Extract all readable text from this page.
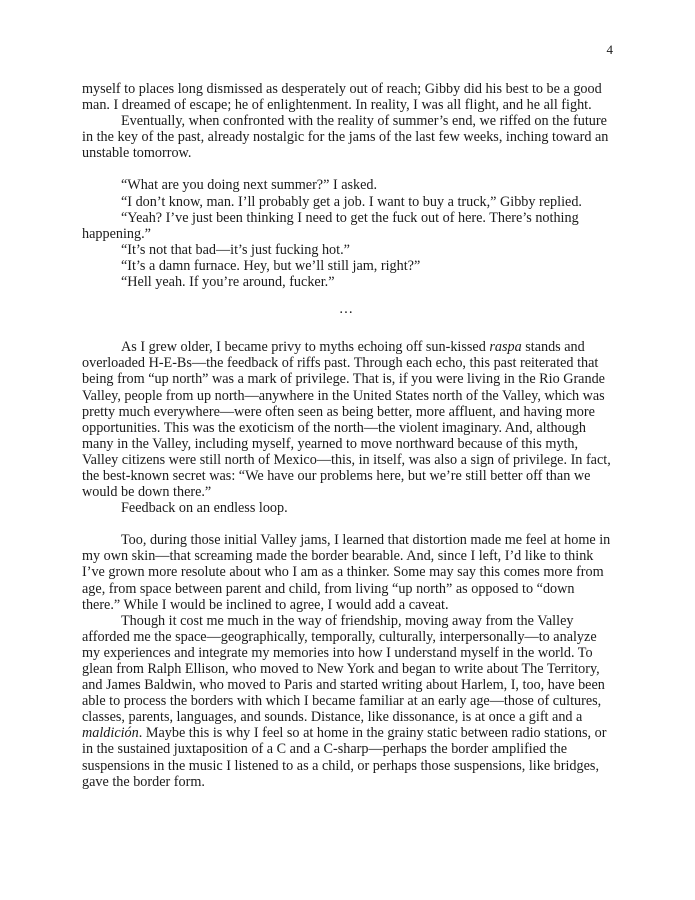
4

myself to places long dismissed as desperately out of reach; Gibby did his best to be a good man. I dreamed of escape; he of enlightenment. In reality, I was all flight, and he all fight.

Eventually, when confronted with the reality of summer’s end, we riffed on the future in the key of the past, already nostalgic for the jams of the last few weeks, inching toward an unstable tomorrow.

“What are you doing next summer?” I asked.

“I don’t know, man. I’ll probably get a job. I want to buy a truck,” Gibby replied.

“Yeah? I’ve just been thinking I need to get the fuck out of here. There’s nothing happening.”

“It’s not that bad—it’s just fucking hot.”

“It’s a damn furnace. Hey, but we’ll still jam, right?”

“Hell yeah. If you’re around, fucker.”

…

As I grew older, I became privy to myths echoing off sun-kissed raspa stands and overloaded H-E-Bs—the feedback of riffs past. Through each echo, this past reiterated that being from “up north” was a mark of privilege. That is, if you were living in the Rio Grande Valley, people from up north—anywhere in the United States north of the Valley, which was pretty much everywhere—were often seen as being better, more affluent, and having more opportunities. This was the exoticism of the north—the violent imaginary. And, although many in the Valley, including myself, yearned to move northward because of this myth, Valley citizens were still north of Mexico—this, in itself, was also a sign of privilege. In fact, the best-known secret was: “We have our problems here, but we’re still better off than we would be down there.”

Feedback on an endless loop.

Too, during those initial Valley jams, I learned that distortion made me feel at home in my own skin—that screaming made the border bearable. And, since I left, I’d like to think I’ve grown more resolute about who I am as a thinker. Some may say this comes more from age, from space between parent and child, from living “up north” as opposed to “down there.” While I would be inclined to agree, I would add a caveat.

Though it cost me much in the way of friendship, moving away from the Valley afforded me the space—geographically, temporally, culturally, interpersonally—to analyze my experiences and integrate my memories into how I understand myself in the world. To glean from Ralph Ellison, who moved to New York and began to write about The Territory, and James Baldwin, who moved to Paris and started writing about Harlem, I, too, have been able to process the borders with which I became familiar at an early age—those of cultures, classes, parents, languages, and sounds. Distance, like dissonance, is at once a gift and a maldición. Maybe this is why I feel so at home in the grainy static between radio stations, or in the sustained juxtaposition of a C and a C-sharp—perhaps the border amplified the suspensions in the music I listened to as a child, or perhaps those suspensions, like bridges, gave the border form.
